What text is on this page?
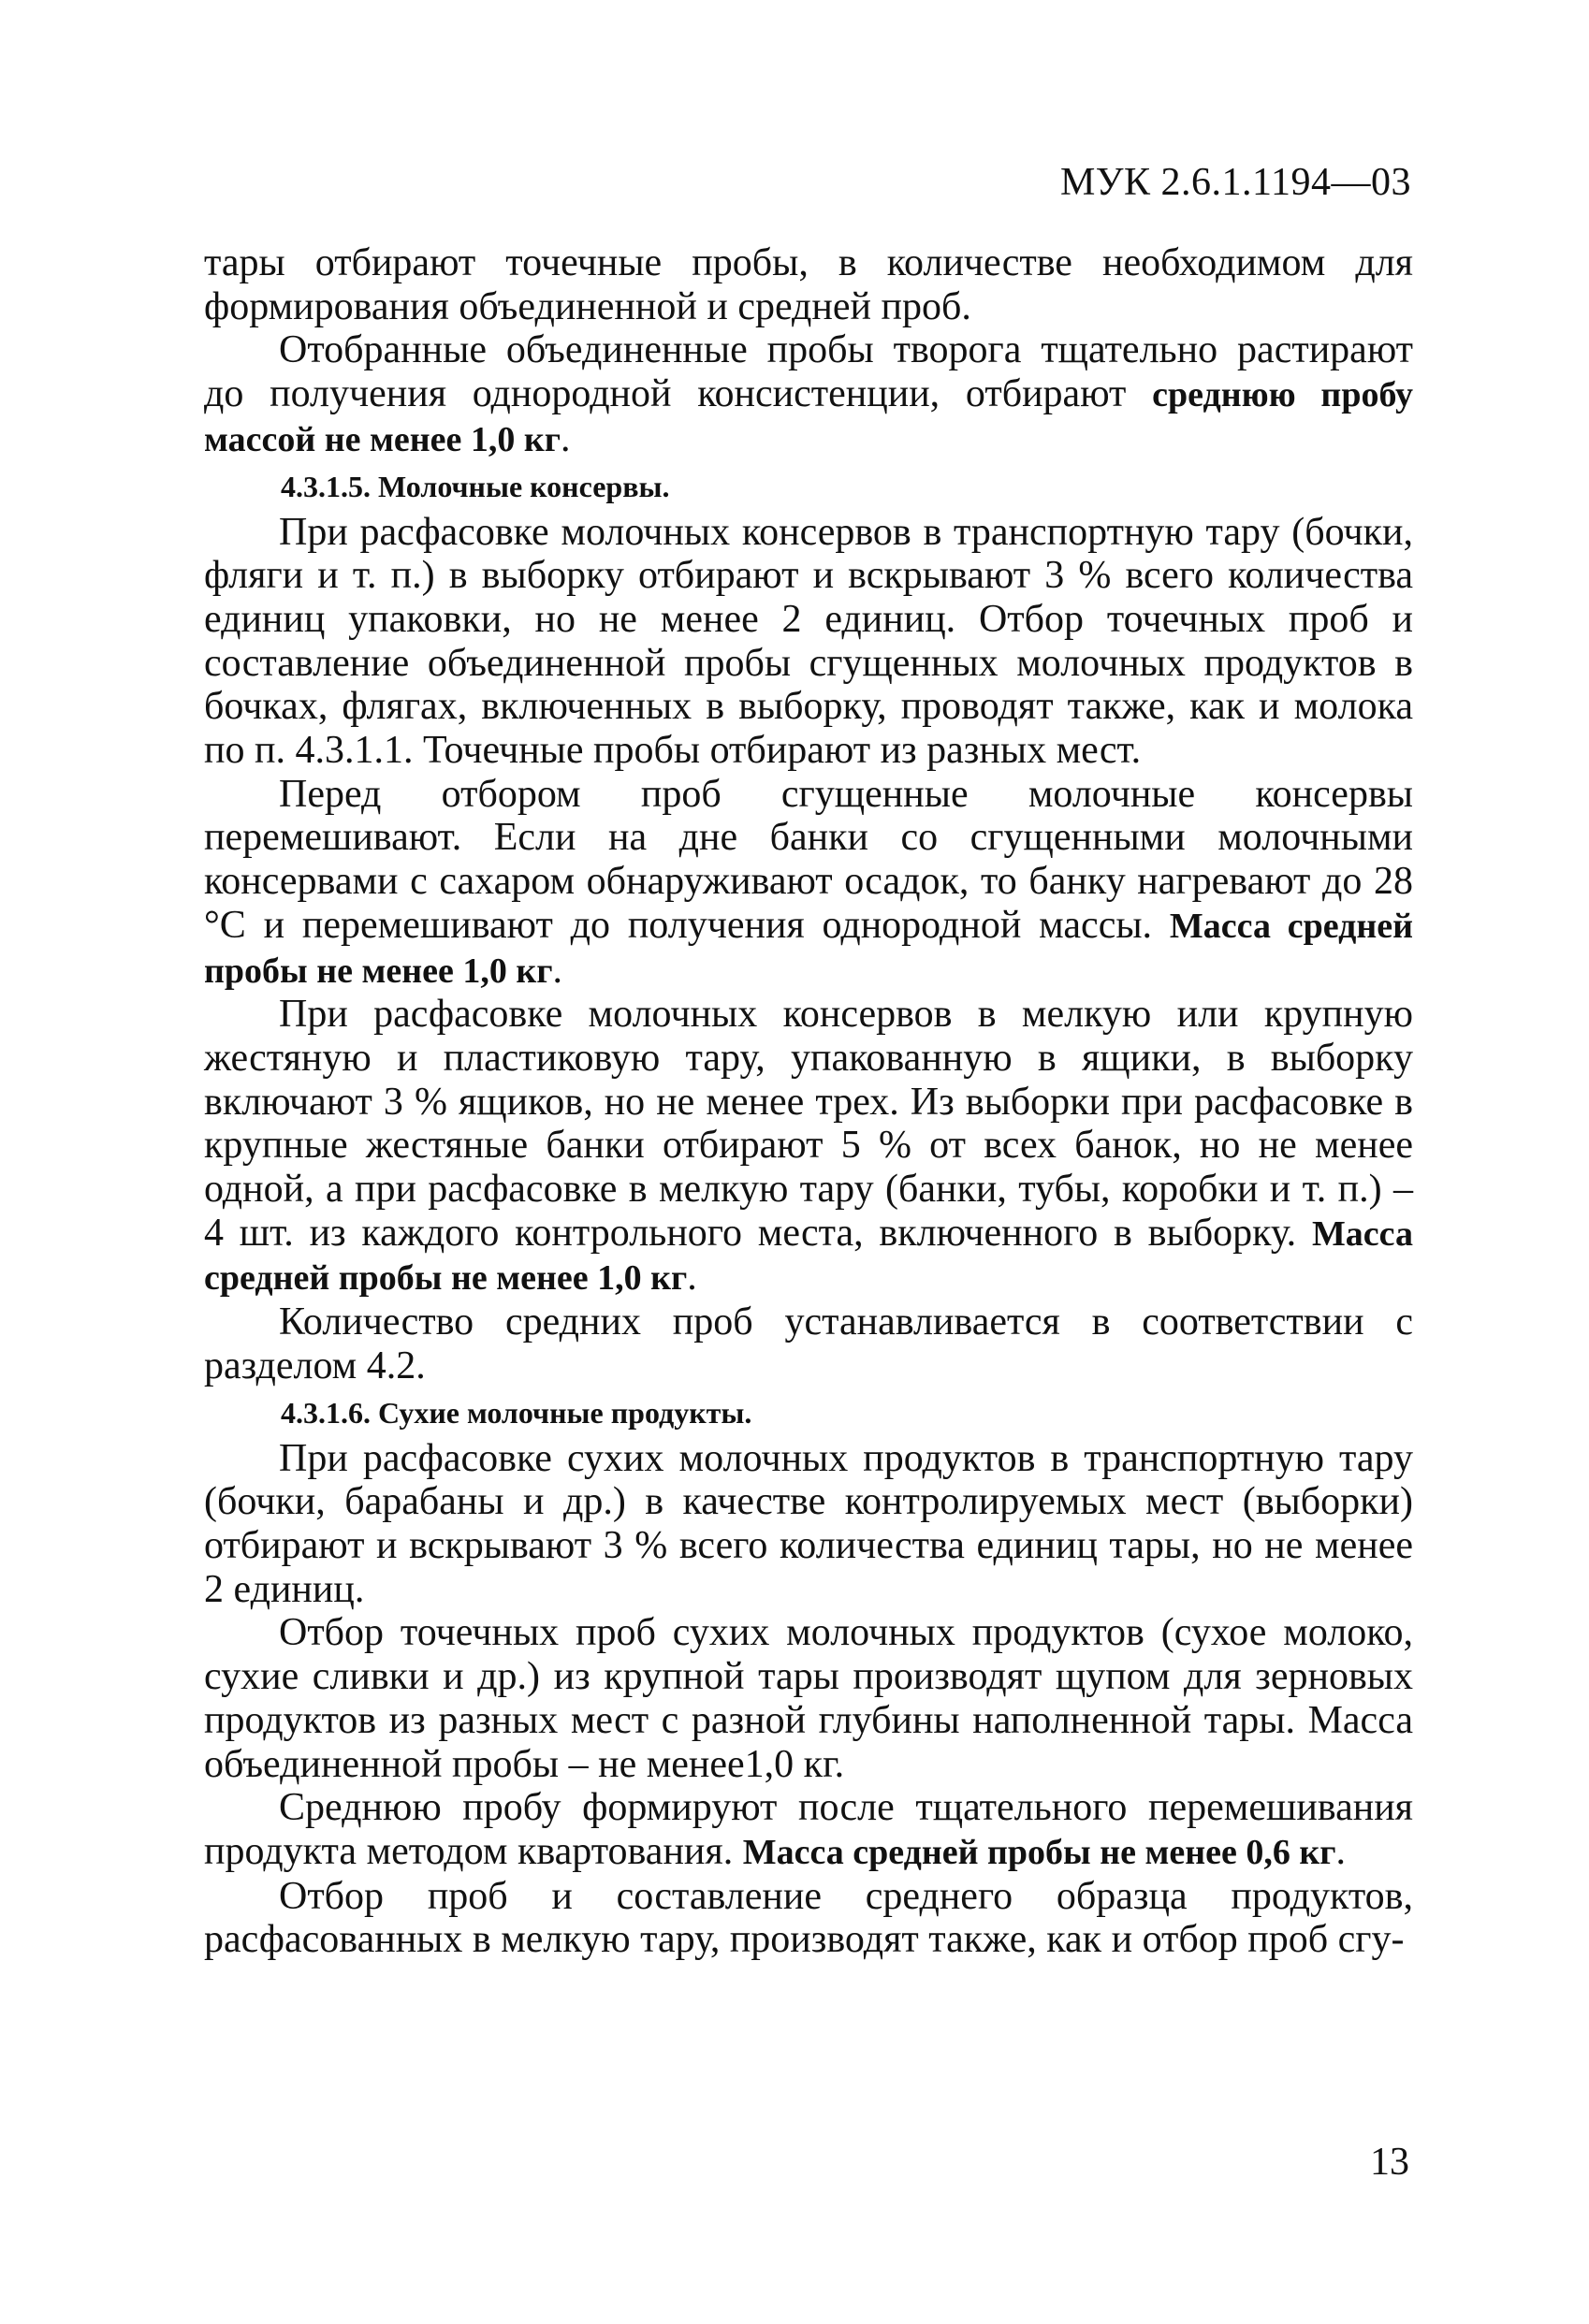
МУК 2.6.1.1194—03

тары отбирают точечные пробы, в количестве необходимом для формирования объединенной и средней проб.

Отобранные объединенные пробы творога тщательно растирают до получения однородной консистенции, отбирают среднюю пробу массой не менее 1,0 кг.

4.3.1.5. Молочные консервы.

При расфасовке молочных консервов в транспортную тару (бочки, фляги и т. п.) в выборку отбирают и вскрывают 3 % всего количества единиц упаковки, но не менее 2 единиц. Отбор точечных проб и составление объединенной пробы сгущенных молочных продуктов в бочках, флягах, включенных в выборку, проводят также, как и молока по п. 4.3.1.1. Точечные пробы отбирают из разных мест.

Перед отбором проб сгущенные молочные консервы перемешивают. Если на дне банки со сгущенными молочными консервами с сахаром обнаруживают осадок, то банку нагревают до 28 °С и перемешивают до получения однородной массы. Масса средней пробы не менее 1,0 кг.

При расфасовке молочных консервов в мелкую или крупную жестяную и пластиковую тару, упакованную в ящики, в выборку включают 3 % ящиков, но не менее трех. Из выборки при расфасовке в крупные жестяные банки отбирают 5 % от всех банок, но не менее одной, а при расфасовке в мелкую тару (банки, тубы, коробки и т. п.) – 4 шт. из каждого контрольного места, включенного в выборку. Масса средней пробы не менее 1,0 кг.

Количество средних проб устанавливается в соответствии с разделом 4.2.

4.3.1.6. Сухие молочные продукты.

При расфасовке сухих молочных продуктов в транспортную тару (бочки, барабаны и др.) в качестве контролируемых мест (выборки) отбирают и вскрывают 3 % всего количества единиц тары, но не менее 2 единиц.

Отбор точечных проб сухих молочных продуктов (сухое молоко, сухие сливки и др.) из крупной тары производят щупом для зерновых продуктов из разных мест с разной глубины наполненной тары. Масса объединенной пробы – не менее1,0 кг.

Среднюю пробу формируют после тщательного перемешивания продукта методом квартования. Масса средней пробы не менее 0,6 кг.

Отбор проб и составление среднего образца продуктов, расфасованных в мелкую тару, производят также, как и отбор проб сгу-

13
